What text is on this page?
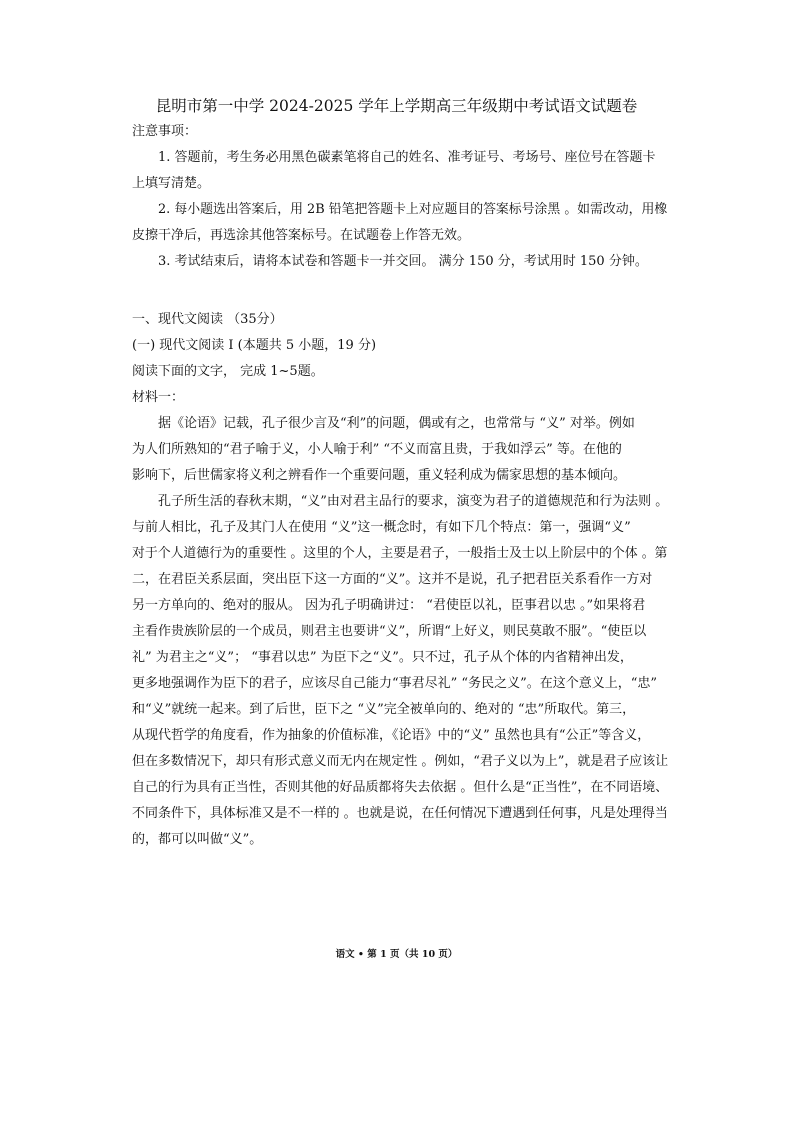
昆明市第一中学 2024-2025 学年上学期高三年级期中考试语文试题卷

注意事项：

1. 答题前，考生务必用黑色碳素笔将自己的姓名、准考证号、考场号、座位号在答题卡

上填写清楚。

2. 每小题选出答案后，用 2B 铅笔把答题卡上对应题目的答案标号涂黑 。如需改动，用橡

皮擦干净后，再选涂其他答案标号。在试题卷上作答无效。

3. 考试结束后，请将本试卷和答题卡一并交回。 满分 150 分，考试用时 150 分钟。

一、现代文阅读 （35分）

(一) 现代文阅读 Ⅰ (本题共 5 小题，19 分)

阅读下面的文字， 完成 1~5题。

材料一：

据《论语》记载，孔子很少言及“利”的问题，偶或有之，也常常与 “义” 对举。例如

为人们所熟知的“君子喻于义，小人喻于利” “不义而富且贵，于我如浮云” 等。在他的

影响下，后世儒家将义利之辨看作一个重要问题，重义轻利成为儒家思想的基本倾向。

孔子所生活的春秋末期，“义”由对君主品行的要求，演变为君子的道德规范和行为法则 。

与前人相比，孔子及其门人在使用 “义”这一概念时，有如下几个特点：第一，强调“义”

对于个人道德行为的重要性 。这里的个人，主要是君子，一般指士及士以上阶层中的个体 。第

二，在君臣关系层面，突出臣下这一方面的“义”。这并不是说，孔子把君臣关系看作一方对

另一方单向的、绝对的服从。 因为孔子明确讲过： “君使臣以礼，臣事君以忠 。”如果将君

主看作贵族阶层的一个成员，则君主也要讲“义”，所谓“上好义，则民莫敢不服”。“使臣以

礼” 为君主之“义”； “事君以忠” 为臣下之“义”。只不过，孔子从个体的内省精神出发，

更多地强调作为臣下的君子，应该尽自己能力“事君尽礼” “务民之义”。在这个意义上，“忠”

和“义”就统一起来。到了后世，臣下之 “义”完全被单向的、绝对的 “忠”所取代。第三，

从现代哲学的角度看，作为抽象的价值标准，《论语》中的“义” 虽然也具有“公正”等含义，

但在多数情况下，却只有形式意义而无内在规定性 。例如，“君子义以为上”，就是君子应该让

自己的行为具有正当性，否则其他的好品质都将失去依据 。但什么是“正当性”，在不同语境、

不同条件下，具体标准又是不一样的 。也就是说，在任何情况下遭遇到任何事，凡是处理得当

的，都可以叫做“义”。

语文 • 第 1 页（共 10 页）
